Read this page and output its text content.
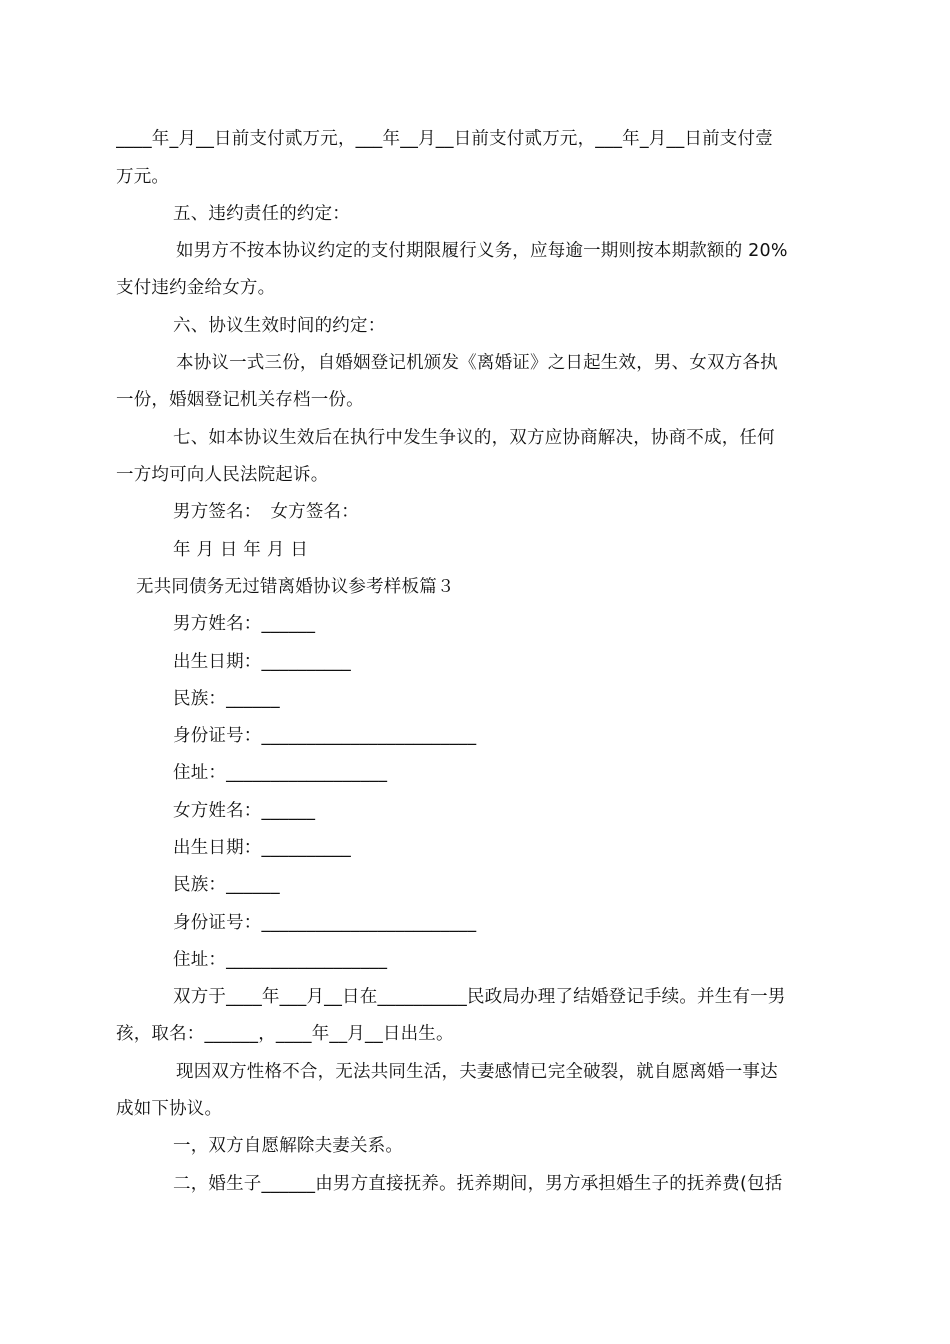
____年_月__日前支付贰万元，___年__月__日前支付贰万元，___年_月__日前支付壹
万元。
五、违约责任的约定：
如男方不按本协议约定的支付期限履行义务，应每逾一期则按本期款额的 20%
支付违约金给女方。
六、协议生效时间的约定：
本协议一式三份，自婚姻登记机颁发《离婚证》之日起生效，男、女双方各执
一份，婚姻登记机关存档一份。
七、如本协议生效后在执行中发生争议的，双方应协商解决，协商不成，任何
一方均可向人民法院起诉。
男方签名：　女方签名：
年 月 日 年 月 日
无共同债务无过错离婚协议参考样板篇３
男方姓名：______
出生日期：__________
民族：______
身份证号：________________________
住址：__________________
女方姓名：______
出生日期：__________
民族：______
身份证号：________________________
住址：__________________
双方于____年___月__日在__________民政局办理了结婚登记手续。并生有一男
孩，取名：______，____年__月__日出生。
现因双方性格不合，无法共同生活，夫妻感情已完全破裂，就自愿离婚一事达
成如下协议。
一，双方自愿解除夫妻关系。
二，婚生子______由男方直接抚养。抚养期间，男方承担婚生子的抚养费(包括
